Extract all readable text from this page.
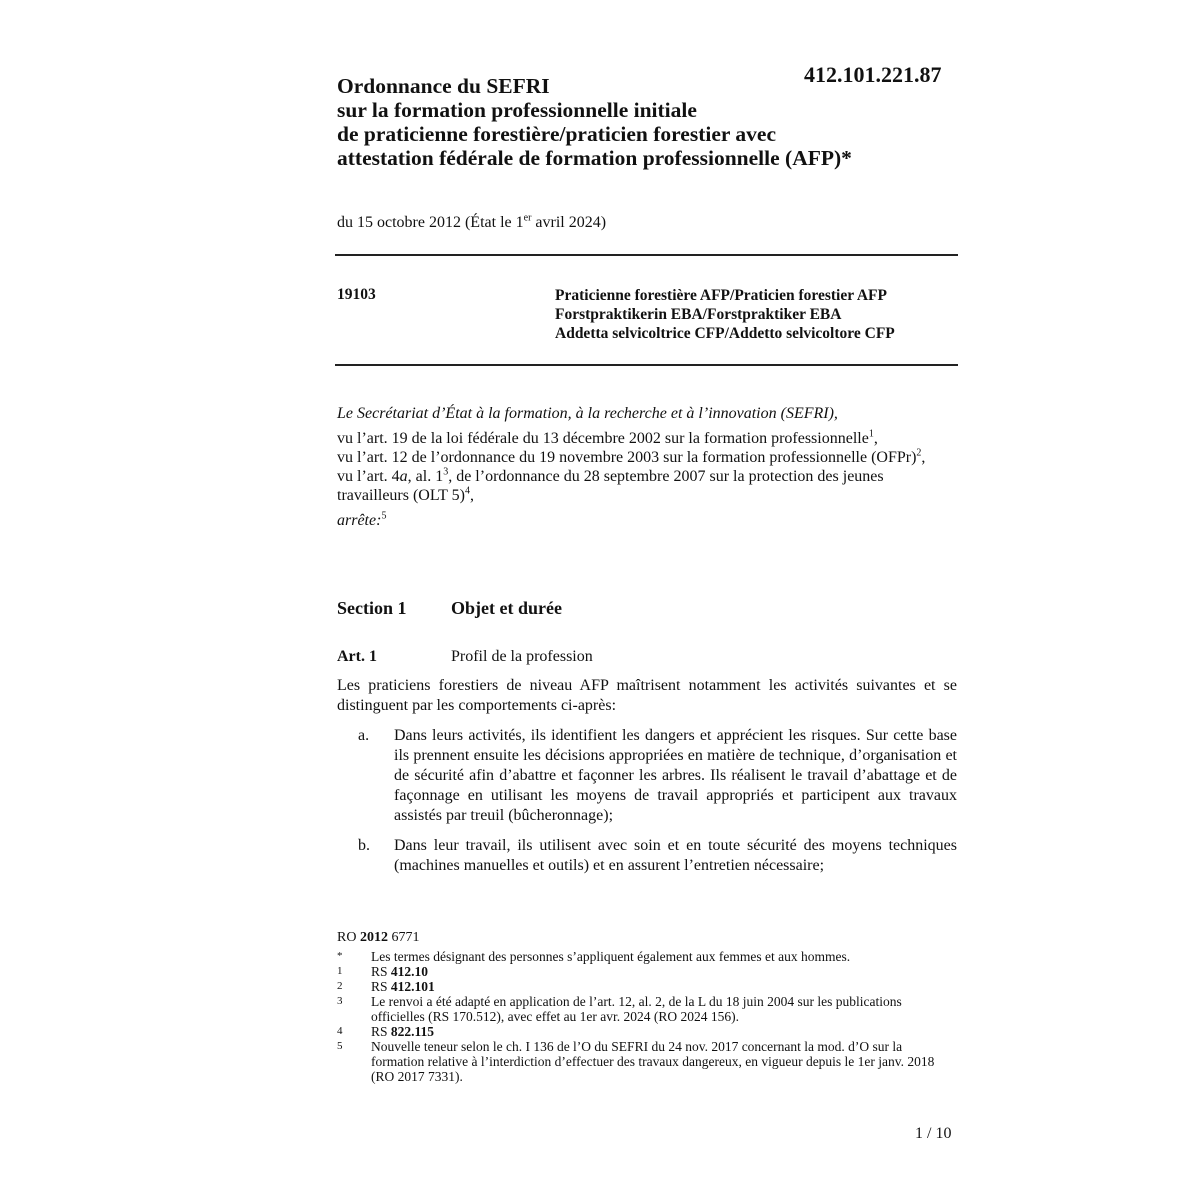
412.101.221.87
Ordonnance du SEFRI
sur la formation professionnelle initiale
de praticienne forestière/praticien forestier avec
attestation fédérale de formation professionnelle (AFP)*
du 15 octobre 2012 (État le 1er avril 2024)
19103	Praticienne forestière AFP/Praticien forestier AFP
Forstpraktikerin EBA/Forstpraktiker EBA
Addetta selvicoltrice CFP/Addetto selvicoltore CFP

Le Secrétariat d’État à la formation, à la recherche et à l’innovation (SEFRI),

vu l’art. 19 de la loi fédérale du 13 décembre 2002 sur la formation professionnelle$^1$,

vu l’art. 12 de l’ordonnance du 19 novembre 2003 sur la formation professionnelle (OFPr)$^2$,

vu l’art. 4a, al. $1^3$, de l’ordonnance du 28 septembre 2007 sur la protection des jeunes travailleurs (OLT 5)$^4$,

arrête:$^5$

Section 1 Objet et durée
Art. 1	Profil de la profession
Les praticiens forestiers de niveau AFP maîtrisent notamment les activités suivantes et se distinguent par les comportements ci-après:
a. Dans leurs activités, ils identifient les dangers et apprécient les risques. Sur cette base ils prennent ensuite les décisions appropriées en matière de technique, d’organisation et de sécurité afin d’abattre et façonner les arbres. Ils réalisent le travail d’abattage et de façonnage en utilisant les moyens de travail appropriés et participent aux travaux assistés par treuil (bûcheronnage);
b. Dans leur travail, ils utilisent avec soin et en toute sécurité des moyens techniques (machines manuelles et outils) et en assurent l’entretien nécessaire;
RO 2012 6771
* Les termes désignant des personnes s’appliquent également aux femmes et aux hommes.
1 RS 412.10
2 RS 412.101
3 Le renvoi a été adapté en application de l’art. 12, al. 2, de la L du 18 juin 2004 sur les publications officielles (RS 170.512), avec effet au 1er avr. 2024 (RO 2024 156).
4 RS 822.115
5 Nouvelle teneur selon le ch. I 136 de l’O du SEFRI du 24 nov. 2017 concernant la mod. d’O sur la formation relative à l’interdiction d’effectuer des travaux dangereux, en vigueur depuis le 1er janv. 2018 (RO 2017 7331).
1 / 10
